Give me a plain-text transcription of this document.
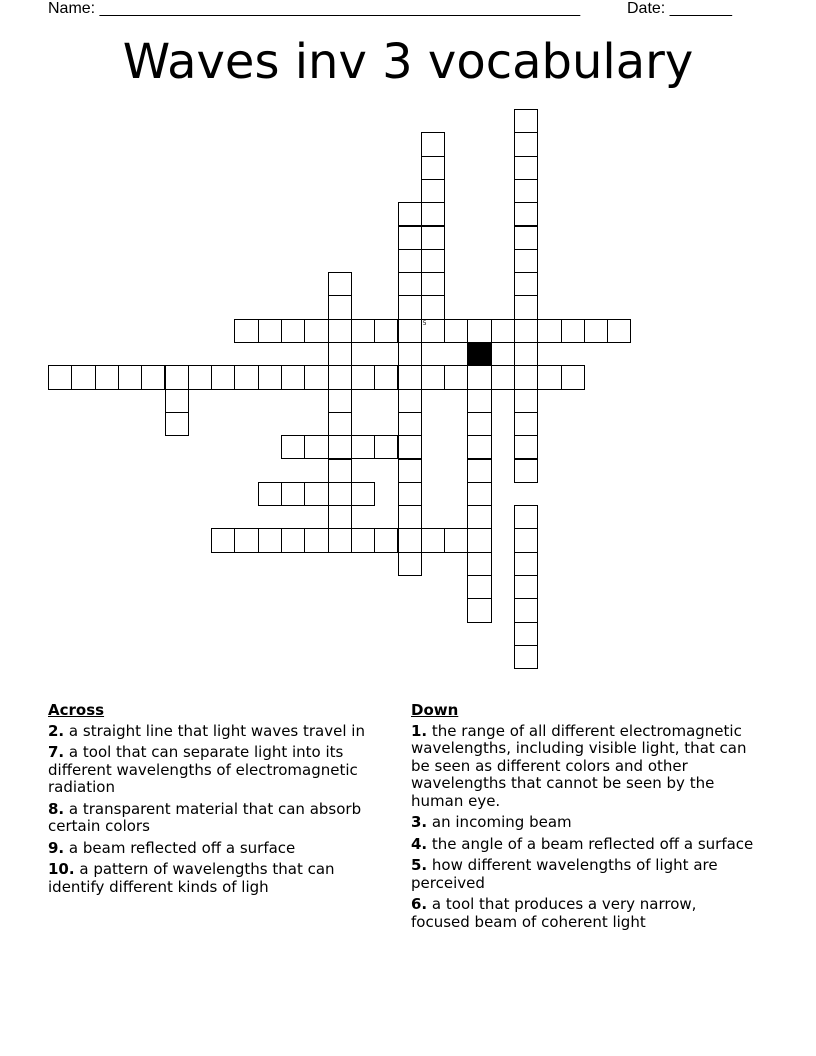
Name: ______________________________________________________	Date: _______
Waves inv 3 vocabulary
5
Across
2. a straight line that light waves travel in
7. a tool that can separate light into its different wavelengths of electromagnetic radiation
8. a transparent material that can absorb certain colors
9. a beam reflected off a surface
10. a pattern of wavelengths that can identify different kinds of ligh
Down
1. the range of all different electromagnetic wavelengths, including visible light, that can be seen as different colors and other wavelengths that cannot be seen by the human eye.
3. an incoming beam
4. the angle of a beam reflected off a surface
5. how different wavelengths of light are perceived
6. a tool that produces a very narrow, focused beam of coherent light
